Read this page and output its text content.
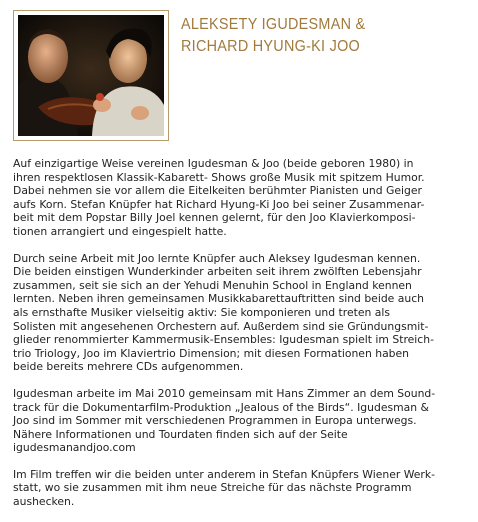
ALEKSETY IGUDESMAN &
RICHARD HYUNG-KI JOO

Auf einzigartige Weise vereinen Igudesman & Joo (beide geboren 1980) in
ihren respektlosen Klassik-Kabarett- Shows große Musik mit spitzem Humor.
Dabei nehmen sie vor allem die Eitelkeiten berühmter Pianisten und Geiger
aufs Korn. Stefan Knüpfer hat Richard Hyung-Ki Joo bei seiner Zusammenar-
beit mit dem Popstar Billy Joel kennen gelernt, für den Joo Klavierkomposi-
tionen arrangiert und eingespielt hatte.

Durch seine Arbeit mit Joo lernte Knüpfer auch Aleksey Igudesman kennen.
Die beiden einstigen Wunderkinder arbeiten seit ihrem zwölften Lebensjahr
zusammen, seit sie sich an der Yehudi Menuhin School in England kennen
lernten. Neben ihren gemeinsamen Musikkabarettauftritten sind beide auch
als ernsthafte Musiker vielseitig aktiv: Sie komponieren und treten als
Solisten mit angesehenen Orchestern auf. Außerdem sind sie Gründungsmit-
glieder renommierter Kammermusik-Ensembles: Igudesman spielt im Streich-
trio Triology, Joo im Klaviertrio Dimension; mit diesen Formationen haben
beide bereits mehrere CDs aufgenommen.

Igudesman arbeite im Mai 2010 gemeinsam mit Hans Zimmer an dem Sound-
track für die Dokumentarfilm-Produktion „Jealous of the Birds“. Igudesman &
Joo sind im Sommer mit verschiedenen Programmen in Europa unterwegs.
Nähere Informationen und Tourdaten finden sich auf der Seite
igudesmanandjoo.com

Im Film treffen wir die beiden unter anderem in Stefan Knüpfers Wiener Werk-
statt, wo sie zusammen mit ihm neue Streiche für das nächste Programm
aushecken.
